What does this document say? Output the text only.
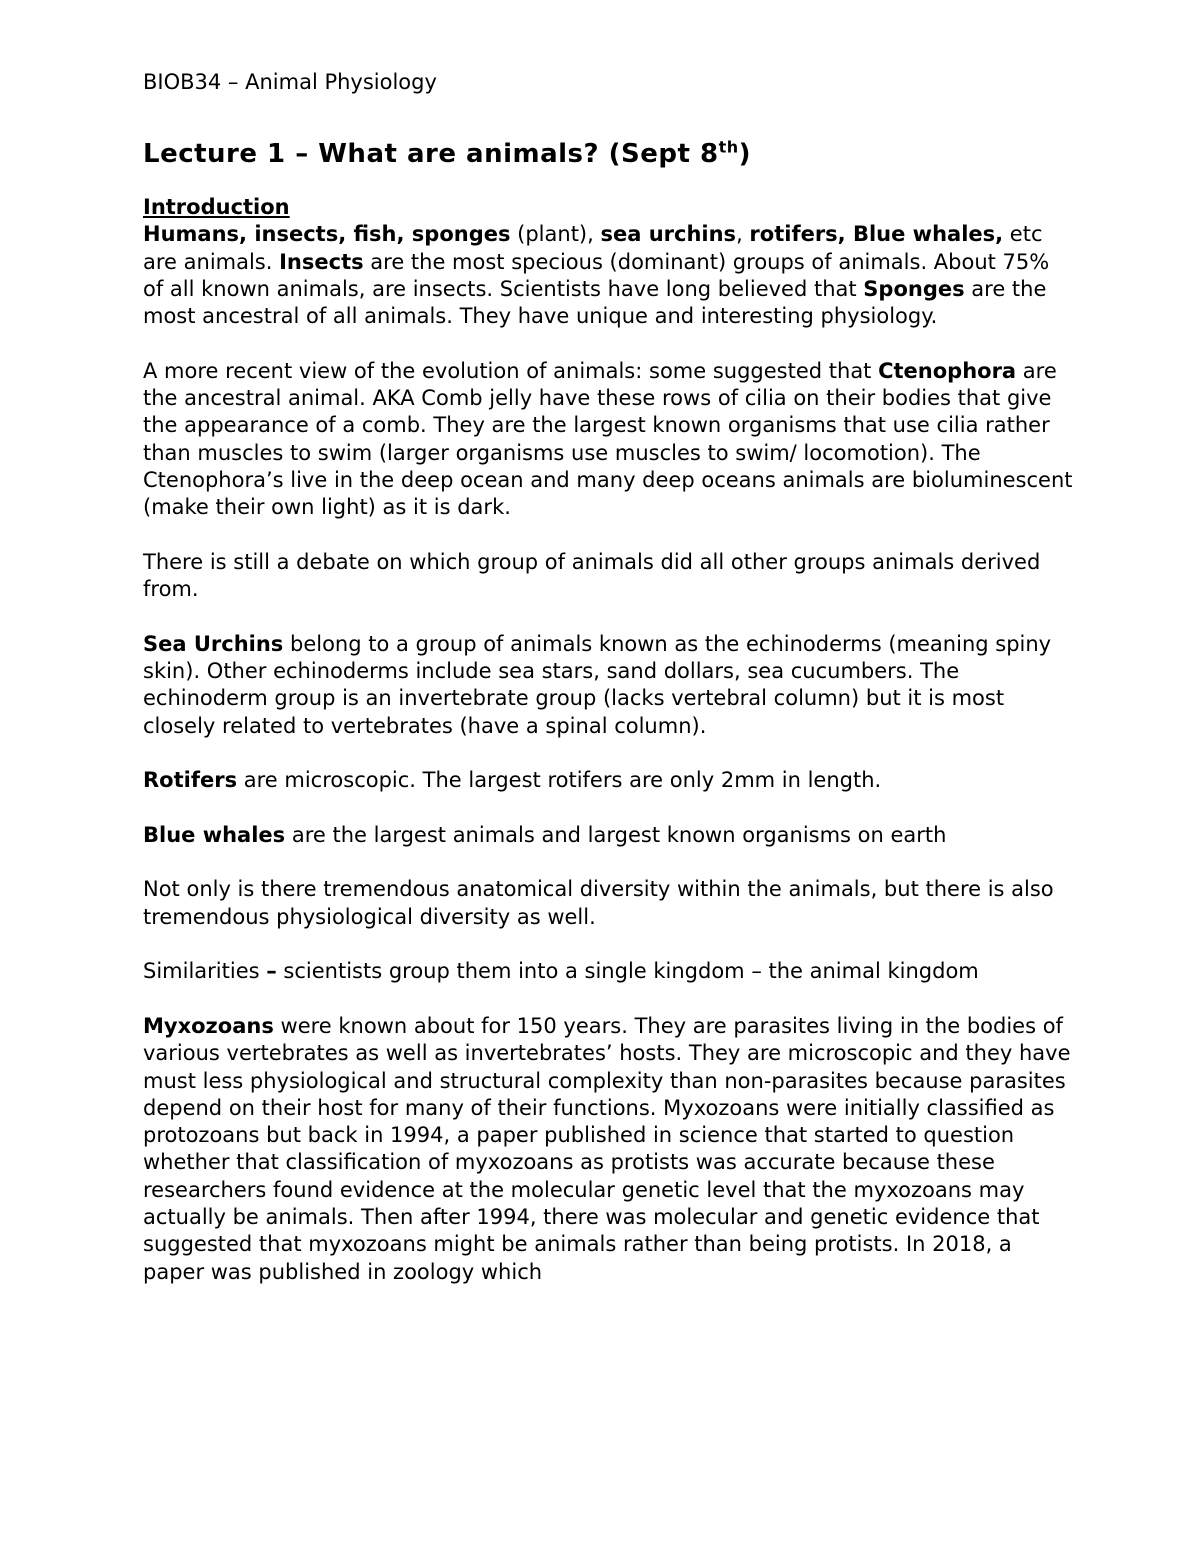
BIOB34 – Animal Physiology
Lecture 1 – What are animals? (Sept 8th)
Introduction

Humans, insects, fish, sponges (plant), sea urchins, rotifers, Blue whales, etc are animals. Insects are the most specious (dominant) groups of animals. About 75% of all known animals, are insects. Scientists have long believed that Sponges are the most ancestral of all animals. They have unique and interesting physiology.

A more recent view of the evolution of animals: some suggested that Ctenophora are the ancestral animal. AKA Comb jelly have these rows of cilia on their bodies that give the appearance of a comb. They are the largest known organisms that use cilia rather than muscles to swim (larger organisms use muscles to swim/ locomotion). The Ctenophora’s live in the deep ocean and many deep oceans animals are bioluminescent (make their own light) as it is dark.

There is still a debate on which group of animals did all other groups animals derived from.

Sea Urchins belong to a group of animals known as the echinoderms (meaning spiny skin). Other echinoderms include sea stars, sand dollars, sea cucumbers. The echinoderm group is an invertebrate group (lacks vertebral column) but it is most closely related to vertebrates (have a spinal column).

Rotifers are microscopic. The largest rotifers are only 2mm in length.

Blue whales are the largest animals and largest known organisms on earth

Not only is there tremendous anatomical diversity within the animals, but there is also tremendous physiological diversity as well.

Similarities – scientists group them into a single kingdom – the animal kingdom

Myxozoans were known about for 150 years. They are parasites living in the bodies of various vertebrates as well as invertebrates’ hosts. They are microscopic and they have must less physiological and structural complexity than non-parasites because parasites depend on their host for many of their functions. Myxozoans were initially classified as protozoans but back in 1994, a paper published in science that started to question whether that classification of myxozoans as protists was accurate because these researchers found evidence at the molecular genetic level that the myxozoans may actually be animals. Then after 1994, there was molecular and genetic evidence that suggested that myxozoans might be animals rather than being protists. In 2018, a paper was published in zoology which
